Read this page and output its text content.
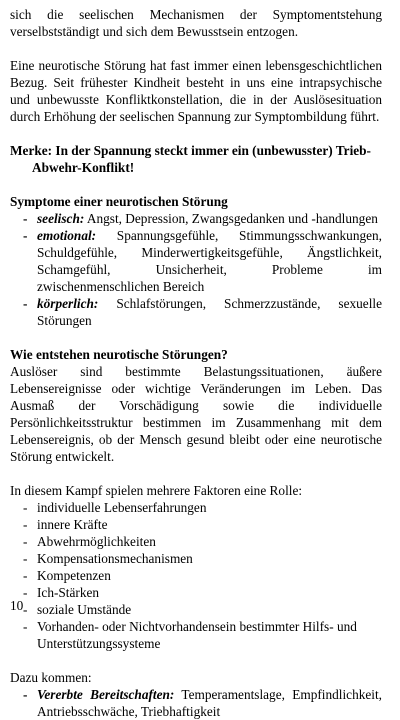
sich die seelischen Mechanismen der Symptomentstehung verselbstständigt und sich dem Bewusstsein entzogen.

Eine neurotische Störung hat fast immer einen lebensgeschichtlichen Bezug. Seit frühester Kindheit besteht in uns eine intrapsychische und unbewusste Konfliktkonstellation, die in der Auslösesituation durch Erhöhung der seelischen Spannung zur Symptombildung führt.

Merke: In der Spannung steckt immer ein (unbewusster) Trieb-Abwehr-Konflikt!

Symptome einer neurotischen Störung

- seelisch: Angst, Depression, Zwangsgedanken und -handlungen
- emotional: Spannungsgefühle, Stimmungsschwankungen, Schuldgefühle, Minderwertigkeitsgefühle, Ängstlichkeit, Schamgefühl, Unsicherheit, Probleme im zwischenmenschlichen Bereich
- körperlich: Schlafstörungen, Schmerzzustände, sexuelle Störungen

Wie entstehen neurotische Störungen?

Auslöser sind bestimmte Belastungssituationen, äußere Lebensereignisse oder wichtige Veränderungen im Leben. Das Ausmaß der Vorschädigung sowie die individuelle Persönlichkeitsstruktur bestimmen im Zusammenhang mit dem Lebensereignis, ob der Mensch gesund bleibt oder eine neurotische Störung entwickelt.

In diesem Kampf spielen mehrere Faktoren eine Rolle:

- individuelle Lebenserfahrungen
- innere Kräfte
- Abwehrmöglichkeiten
- Kompensationsmechanismen
- Kompetenzen
- Ich-Stärken
- soziale Umstände
- Vorhanden- oder Nichtvorhandensein bestimmter Hilfs- und Unterstützungssysteme

Dazu kommen:

- Vererbte Bereitschaften: Temperamentslage, Empfindlichkeit, Antriebsschwäche, Triebhaftigkeit
10
